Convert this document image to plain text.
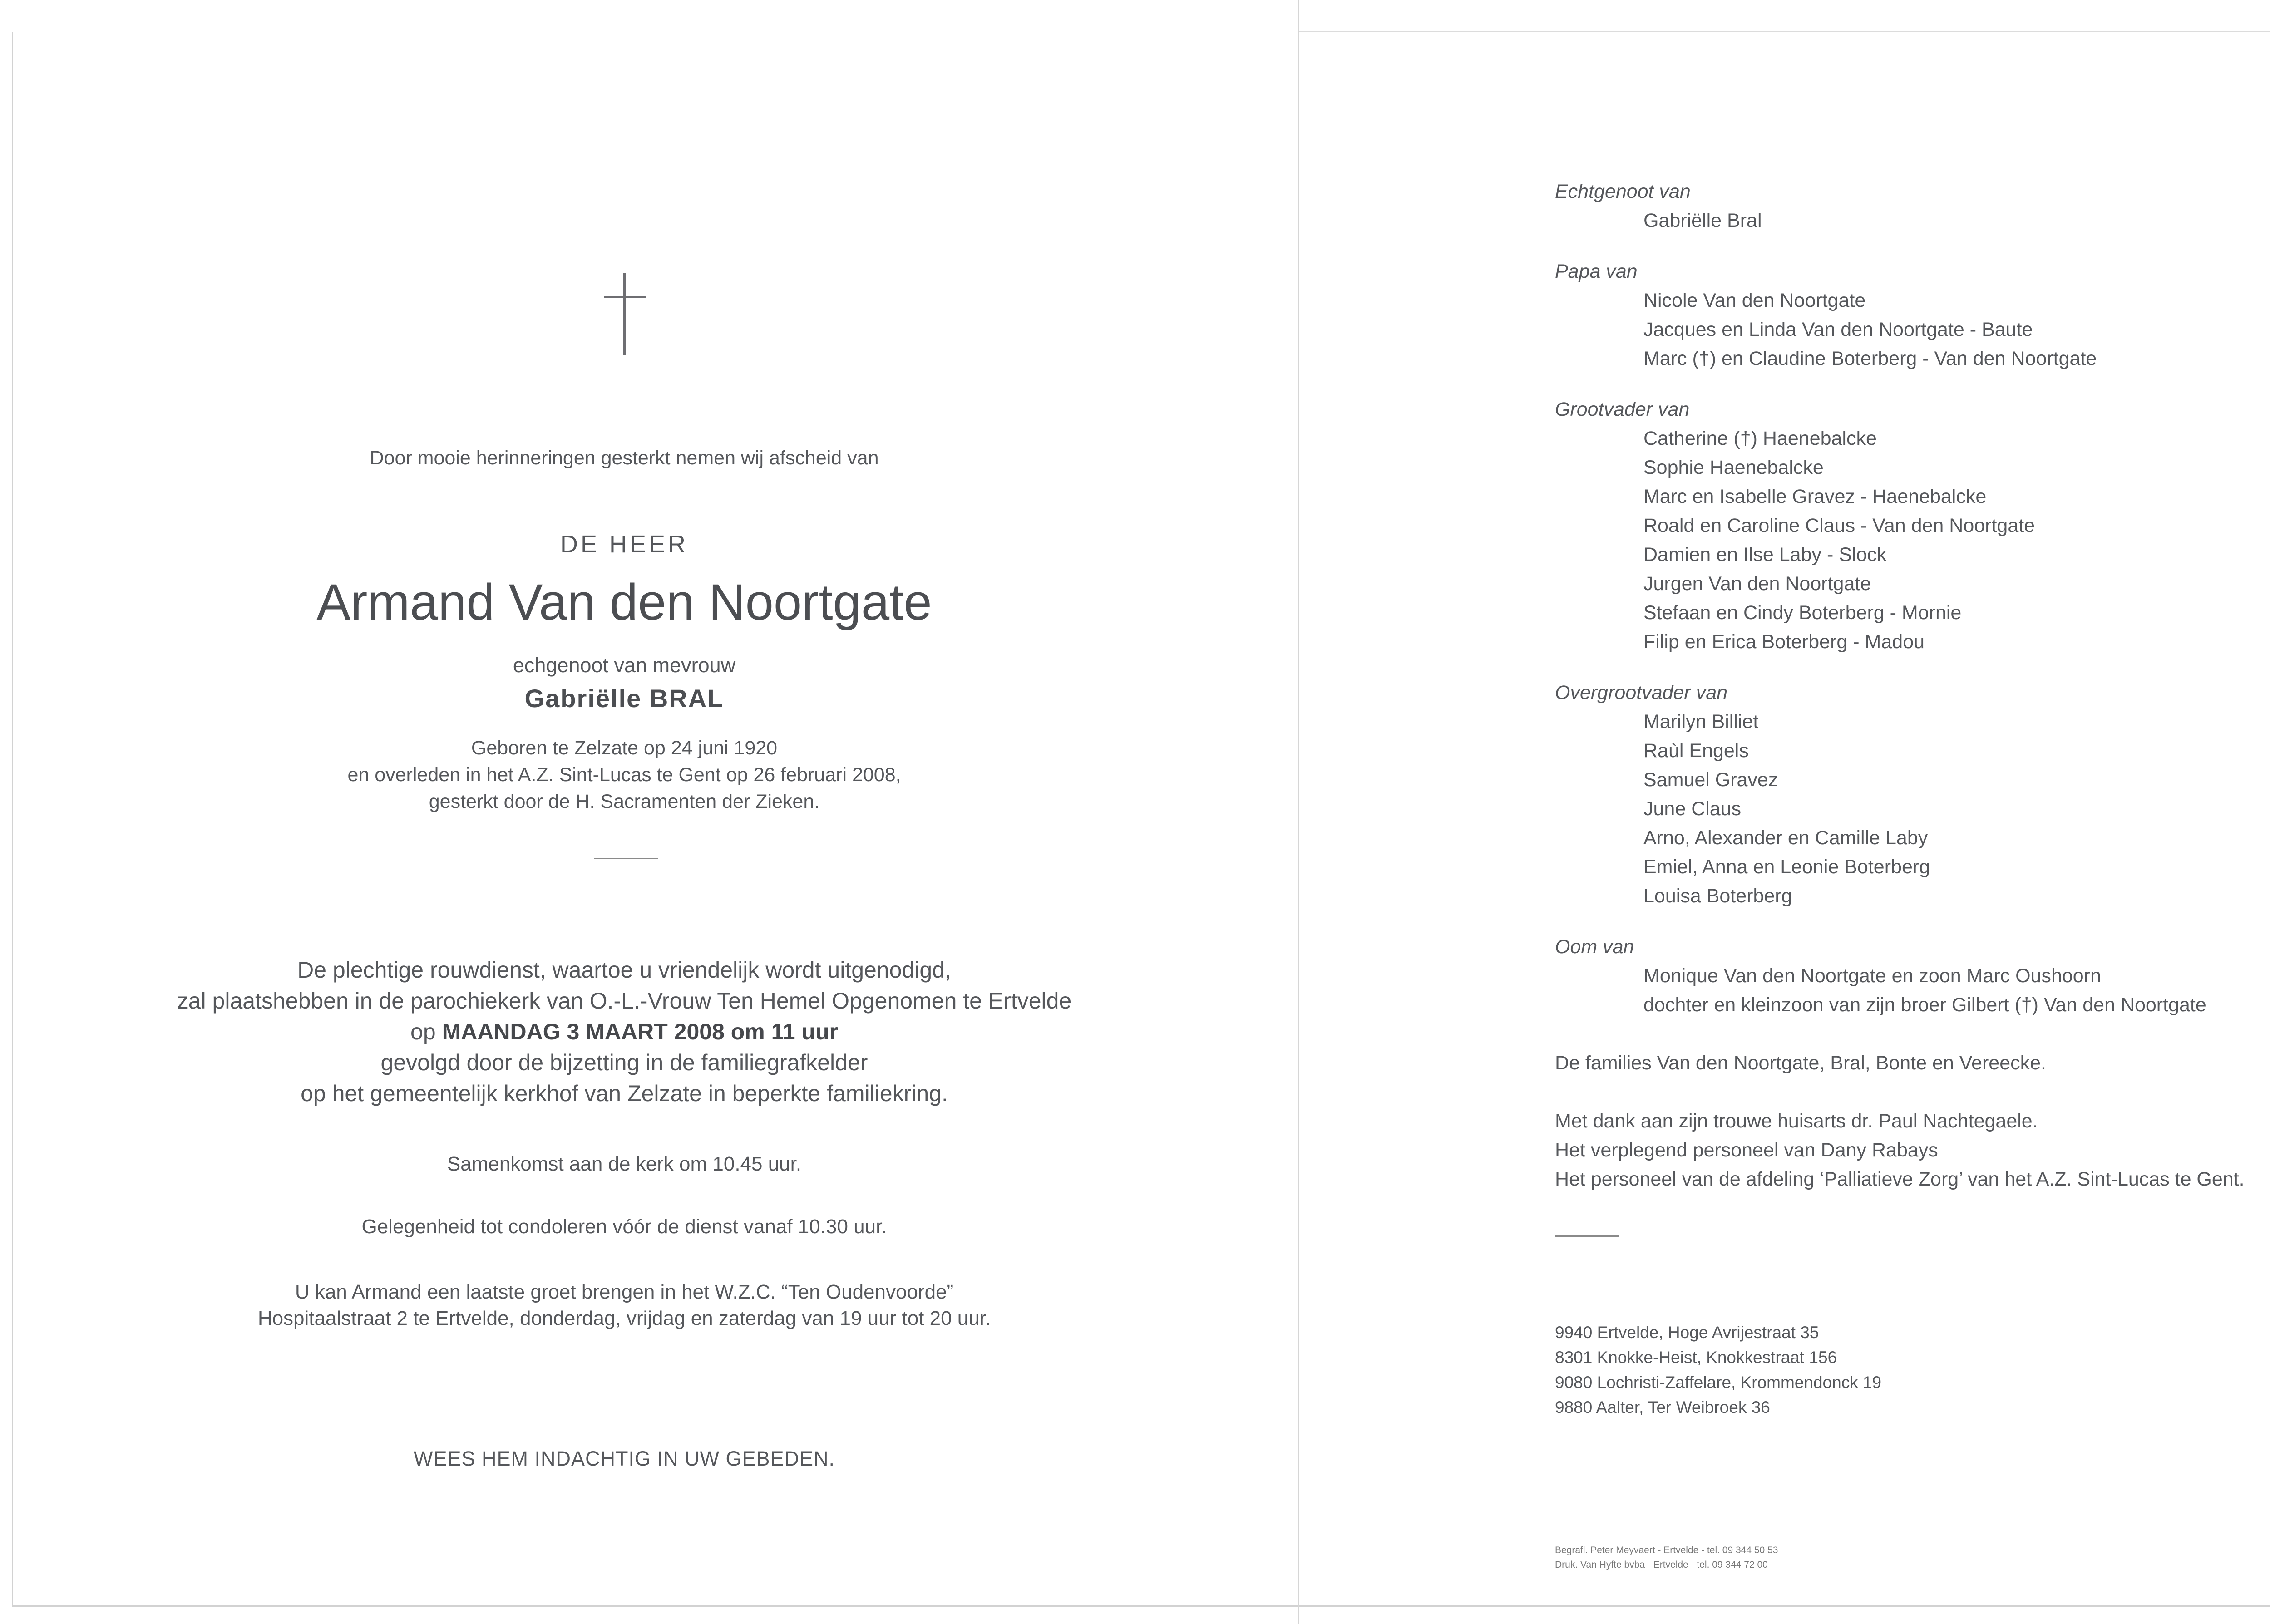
Door mooie herinneringen gesterkt nemen wij afscheid van
DE HEER
Armand Van den Noortgate
echgenoot van mevrouw
Gabriëlle BRAL
Geboren te Zelzate op 24 juni 1920
en overleden in het A.Z. Sint-Lucas te Gent op 26 februari 2008,
gesterkt door de H. Sacramenten der Zieken.
De plechtige rouwdienst, waartoe u vriendelijk wordt uitgenodigd,
zal plaatshebben in de parochiekerk van O.-L.-Vrouw Ten Hemel Opgenomen te Ertvelde
op MAANDAG 3 MAART 2008 om 11 uur
gevolgd door de bijzetting in de familiegrafkelder
op het gemeentelijk kerkhof van Zelzate in beperkte familiekring.
Samenkomst aan de kerk om 10.45 uur.
Gelegenheid tot condoleren vóór de dienst vanaf 10.30 uur.
U kan Armand een laatste groet brengen in het W.Z.C. “Ten Oudenvoorde”
Hospitaalstraat 2 te Ertvelde, donderdag, vrijdag en zaterdag van 19 uur tot 20 uur.
WEES HEM INDACHTIG IN UW GEBEDEN.
Echtgenoot van
Gabriëlle Bral
Papa van
Nicole Van den Noortgate
Jacques en Linda Van den Noortgate - Baute
Marc (†) en Claudine Boterberg - Van den Noortgate
Grootvader van
Catherine (†) Haenebalcke
Sophie Haenebalcke
Marc en Isabelle Gravez - Haenebalcke
Roald en Caroline Claus - Van den Noortgate
Damien en Ilse Laby - Slock
Jurgen Van den Noortgate
Stefaan en Cindy Boterberg - Mornie
Filip en Erica Boterberg - Madou
Overgrootvader van
Marilyn Billiet
Raùl Engels
Samuel Gravez
June Claus
Arno, Alexander en Camille Laby
Emiel, Anna en Leonie Boterberg
Louisa Boterberg
Oom van
Monique Van den Noortgate en zoon Marc Oushoorn
dochter en kleinzoon van zijn broer Gilbert (†) Van den Noortgate
De families Van den Noortgate, Bral, Bonte en Vereecke.
Met dank aan zijn trouwe huisarts dr. Paul Nachtegaele.
Het verplegend personeel van Dany Rabays
Het personeel van de afdeling ‘Palliatieve Zorg’ van het A.Z. Sint-Lucas te Gent.
9940 Ertvelde, Hoge Avrijestraat 35
8301 Knokke-Heist, Knokkestraat 156
9080 Lochristi-Zaffelare, Krommendonck 19
9880 Aalter, Ter Weibroek 36
Begrafl. Peter Meyvaert - Ertvelde - tel. 09 344 50 53
Druk. Van Hyfte bvba - Ertvelde - tel. 09 344 72 00
